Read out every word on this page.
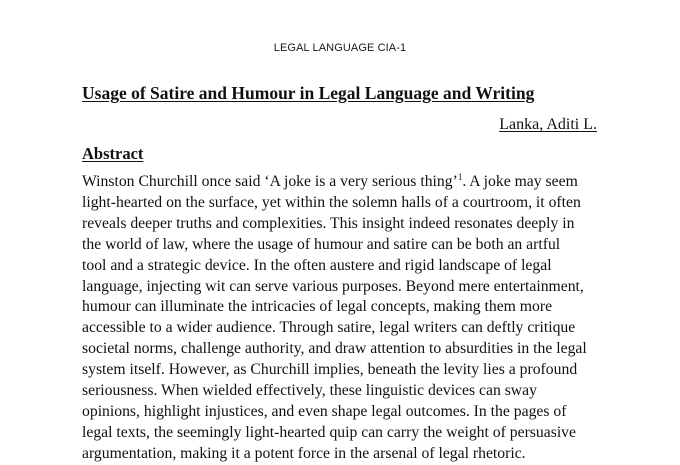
LEGAL LANGUAGE CIA-1
Usage of Satire and Humour in Legal Language and Writing
Lanka, Aditi L.
Abstract
Winston Churchill once said ‘A joke is a very serious thing’$^1$. A joke may seem
light-hearted on the surface, yet within the solemn halls of a courtroom, it often
reveals deeper truths and complexities. This insight indeed resonates deeply in
the world of law, where the usage of humour and satire can be both an artful
tool and a strategic device. In the often austere and rigid landscape of legal
language, injecting wit can serve various purposes. Beyond mere entertainment,
humour can illuminate the intricacies of legal concepts, making them more
accessible to a wider audience. Through satire, legal writers can deftly critique
societal norms, challenge authority, and draw attention to absurdities in the legal
system itself. However, as Churchill implies, beneath the levity lies a profound
seriousness. When wielded effectively, these linguistic devices can sway
opinions, highlight injustices, and even shape legal outcomes. In the pages of
legal texts, the seemingly light-hearted quip can carry the weight of persuasive
argumentation, making it a potent force in the arsenal of legal rhetoric.
